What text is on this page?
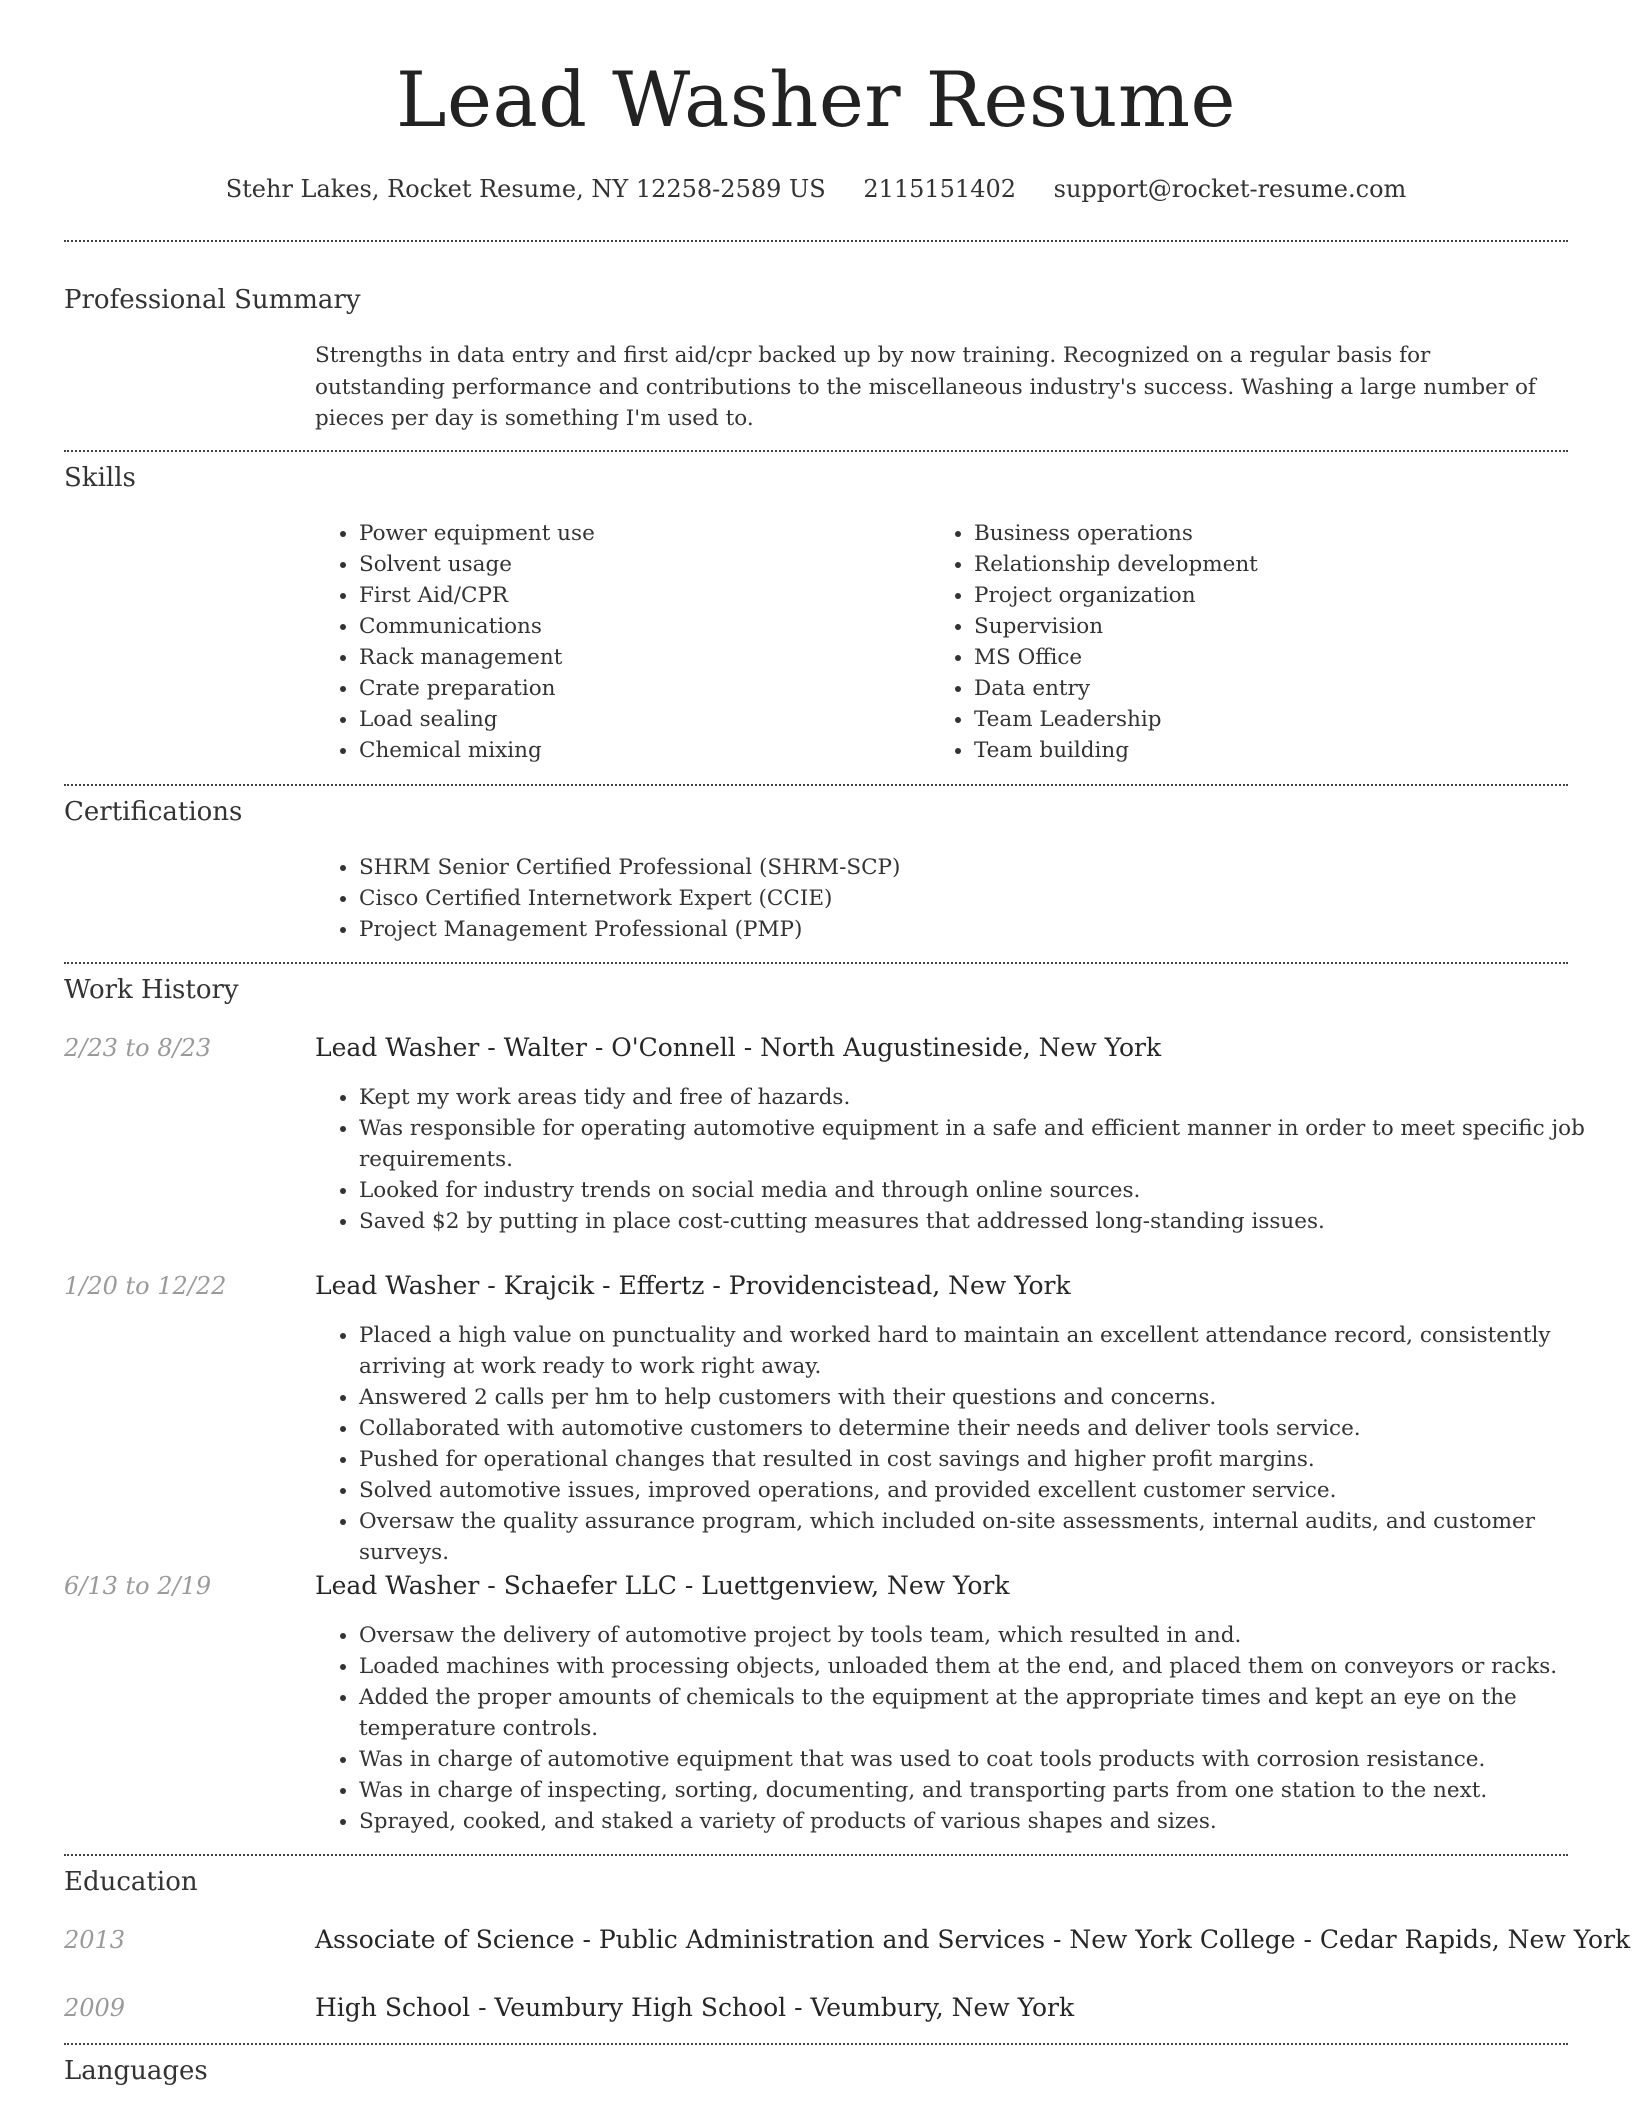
Lead Washer Resume
Stehr Lakes, Rocket Resume, NY 12258-2589 US 2115151402 support@rocket-resume.com
Professional Summary

Strengths in data entry and first aid/cpr backed up by now training. Recognized on a regular basis for outstanding performance and contributions to the miscellaneous industry's success. Washing a large number of pieces per day is something I'm used to.

Skills
• Power equipment use
• Solvent usage
• First Aid/CPR
• Communications
• Rack management
• Crate preparation
• Load sealing
• Chemical mixing
• Business operations
• Relationship development
• Project organization
• Supervision
• MS Office
• Data entry
• Team Leadership
• Team building
Certifications
• SHRM Senior Certified Professional (SHRM-SCP)
• Cisco Certified Internetwork Expert (CCIE)
• Project Management Professional (PMP)
Work History
2/23 to 8/23	Lead Washer - Walter - O'Connell - North Augustineside, New York
• Kept my work areas tidy and free of hazards.
• Was responsible for operating automotive equipment in a safe and efficient manner in order to meet specific job requirements.
• Looked for industry trends on social media and through online sources.
• Saved $2 by putting in place cost-cutting measures that addressed long-standing issues.
1/20 to 12/22	Lead Washer - Krajcik - Effertz - Providencistead, New York
• Placed a high value on punctuality and worked hard to maintain an excellent attendance record, consistently arriving at work ready to work right away.
• Answered 2 calls per hm to help customers with their questions and concerns.
• Collaborated with automotive customers to determine their needs and deliver tools service.
• Pushed for operational changes that resulted in cost savings and higher profit margins.
• Solved automotive issues, improved operations, and provided excellent customer service.
• Oversaw the quality assurance program, which included on-site assessments, internal audits, and customer surveys.
6/13 to 2/19	Lead Washer - Schaefer LLC - Luettgenview, New York
• Oversaw the delivery of automotive project by tools team, which resulted in and.
• Loaded machines with processing objects, unloaded them at the end, and placed them on conveyors or racks.
• Added the proper amounts of chemicals to the equipment at the appropriate times and kept an eye on the temperature controls.
• Was in charge of automotive equipment that was used to coat tools products with corrosion resistance.
• Was in charge of inspecting, sorting, documenting, and transporting parts from one station to the next.
• Sprayed, cooked, and staked a variety of products of various shapes and sizes.
Education
2013	Associate of Science - Public Administration and Services - New York College - Cedar Rapids, New York
2009	High School - Veumbury High School - Veumbury, New York
Languages
